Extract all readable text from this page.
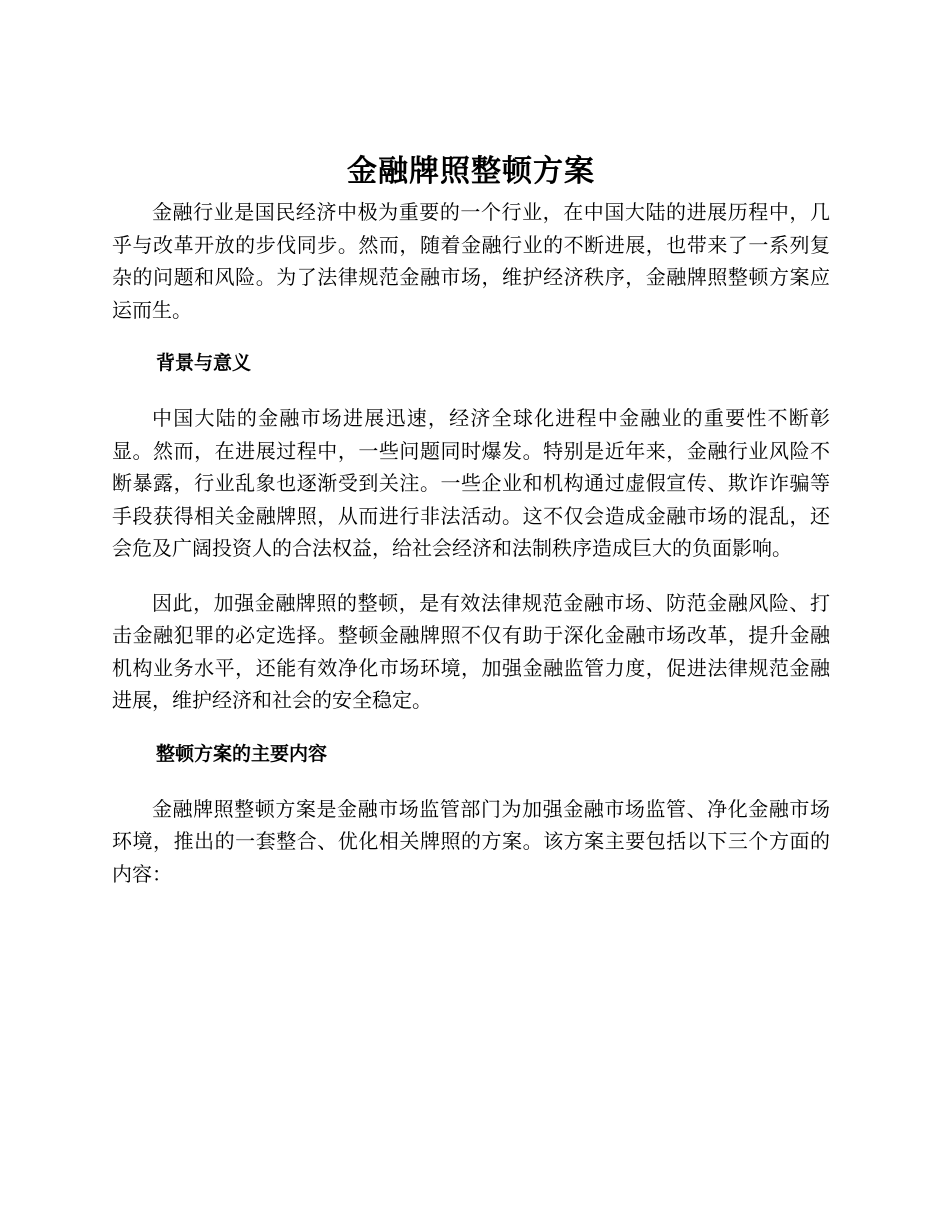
金融牌照整顿方案

金融行业是国民经济中极为重要的一个行业，在中国大陆的进展历程中，几乎与改革开放的步伐同步。然而，随着金融行业的不断进展，也带来了一系列复杂的问题和风险。为了法律规范金融市场，维护经济秩序，金融牌照整顿方案应运而生。

背景与意义

中国大陆的金融市场进展迅速，经济全球化进程中金融业的重要性不断彰显。然而，在进展过程中，一些问题同时爆发。特别是近年来，金融行业风险不断暴露，行业乱象也逐渐受到关注。一些企业和机构通过虚假宣传、欺诈诈骗等手段获得相关金融牌照，从而进行非法活动。这不仅会造成金融市场的混乱，还会危及广阔投资人的合法权益，给社会经济和法制秩序造成巨大的负面影响。

因此，加强金融牌照的整顿，是有效法律规范金融市场、防范金融风险、打击金融犯罪的必定选择。整顿金融牌照不仅有助于深化金融市场改革，提升金融机构业务水平，还能有效净化市场环境，加强金融监管力度，促进法律规范金融进展，维护经济和社会的安全稳定。

整顿方案的主要内容

金融牌照整顿方案是金融市场监管部门为加强金融市场监管、净化金融市场环境，推出的一套整合、优化相关牌照的方案。该方案主要包括以下三个方面的内容：
